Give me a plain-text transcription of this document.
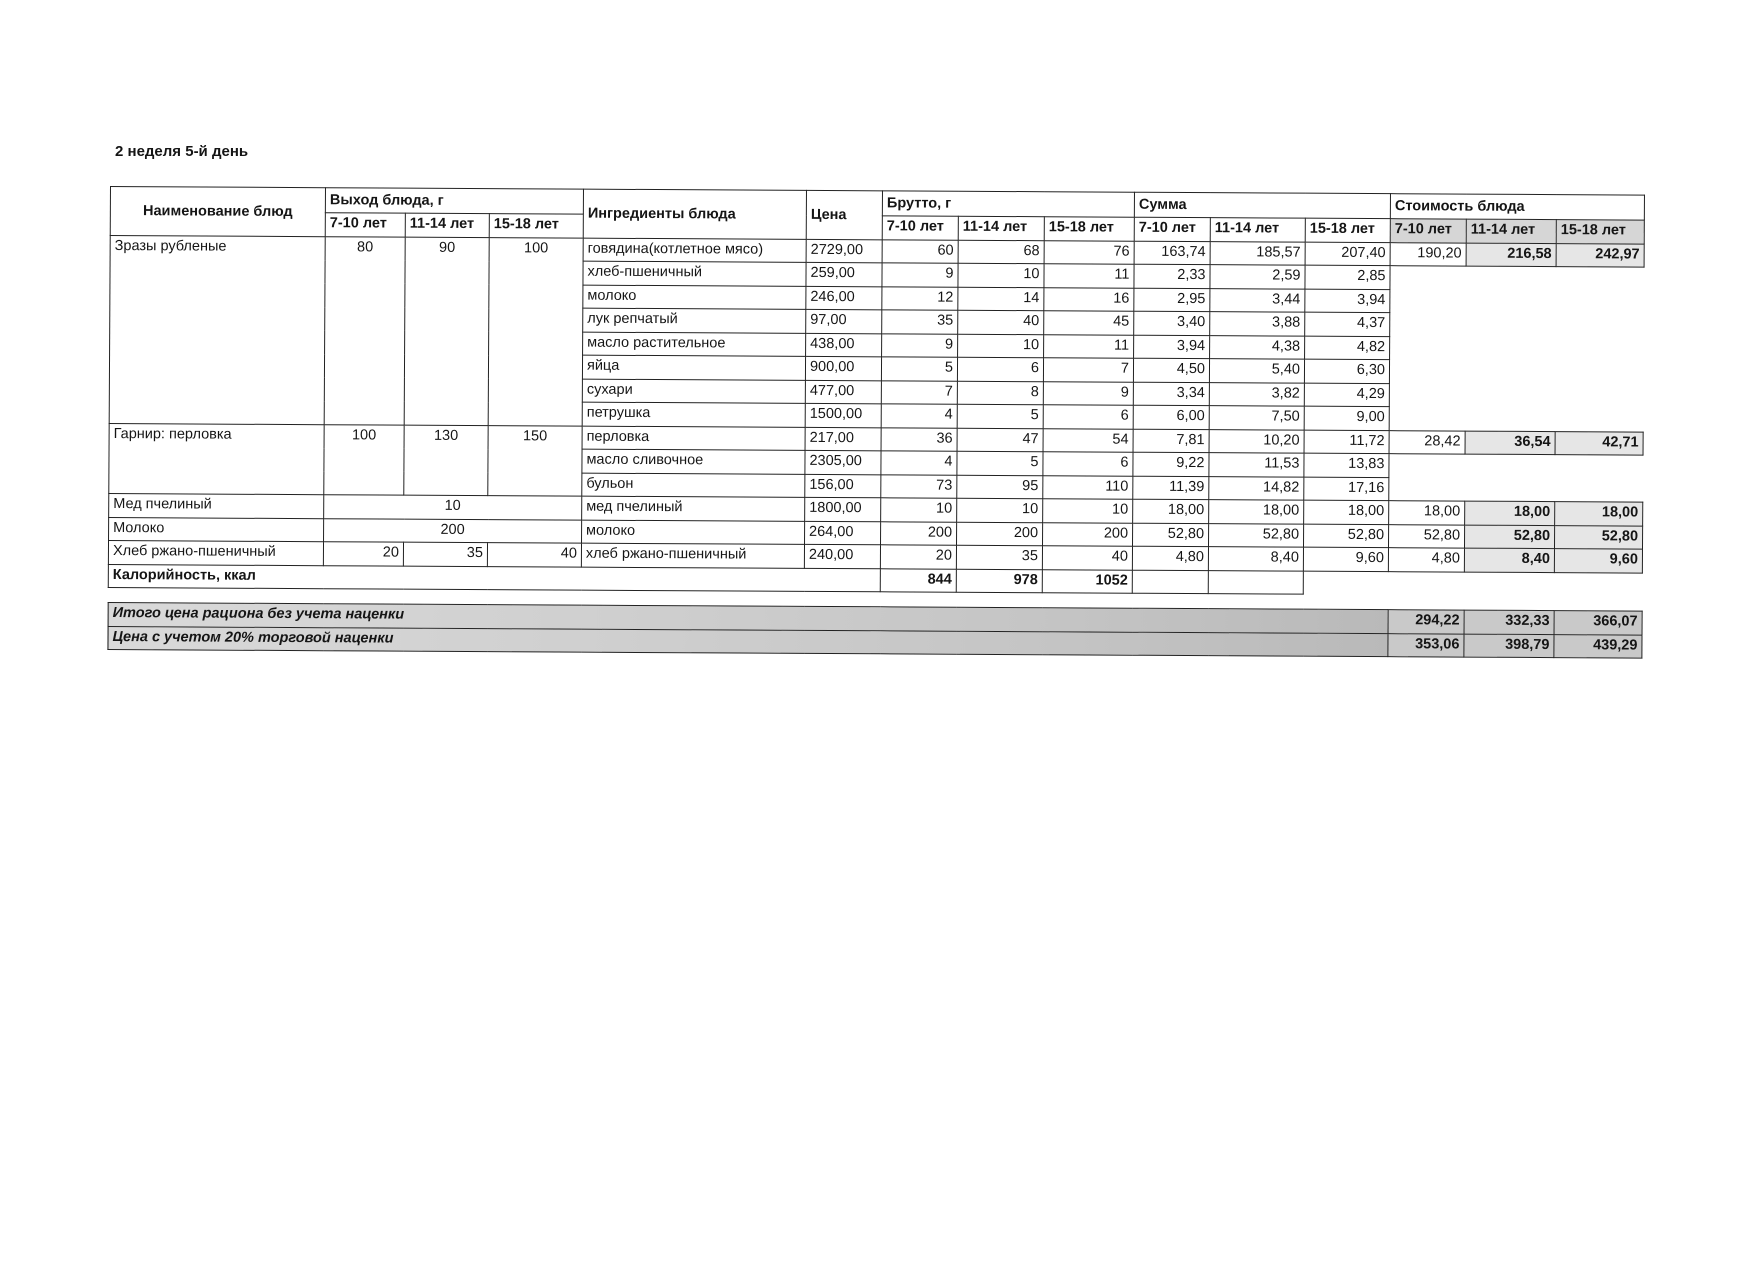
2 неделя 5-й день
Наименование блюд	Выход блюда, г			Ингредиенты блюда	Цена	Брутто, г			Сумма			Стоимость блюда		
	7-10 лет	11-14 лет	15-18 лет			7-10 лет	11-14 лет	15-18 лет	7-10 лет	11-14 лет	15-18 лет	7-10 лет	11-14 лет	15-18 лет
Зразы рубленые	80	90	100	говядина(котлетное мясо)	2729,00	60	68	76	163,74	185,57	207,40	190,20	216,58	242,97
				хлеб-пшеничный	259,00	9	10	11	2,33	2,59	2,85			
				молоко	246,00	12	14	16	2,95	3,44	3,94			
				лук репчатый	97,00	35	40	45	3,40	3,88	4,37			
				масло растительное	438,00	9	10	11	3,94	4,38	4,82			
				яйца	900,00	5	6	7	4,50	5,40	6,30			
				сухари	477,00	7	8	9	3,34	3,82	4,29			
				петрушка	1500,00	4	5	6	6,00	7,50	9,00			
Гарнир: перловка	100	130	150	перловка	217,00	36	47	54	7,81	10,20	11,72	28,42	36,54	42,71
				масло сливочное	2305,00	4	5	6	9,22	11,53	13,83			
				бульон	156,00	73	95	110	11,39	14,82	17,16			
Мед пчелиный	10			мед пчелиный	1800,00	10	10	10	18,00	18,00	18,00	18,00	18,00	18,00
Молоко	200			молоко	264,00	200	200	200	52,80	52,80	52,80	52,80	52,80	52,80
Хлеб ржано-пшеничный	20	35	40	хлеб ржано-пшеничный	240,00	20	35	40	4,80	8,40	9,60	4,80	8,40	9,60
Калорийность, ккал						844	978	1052						

Итого цена рациона без учета наценки												294,22	332,33	366,07
Цена с учетом 20% торговой наценки												353,06	398,79	439,29
